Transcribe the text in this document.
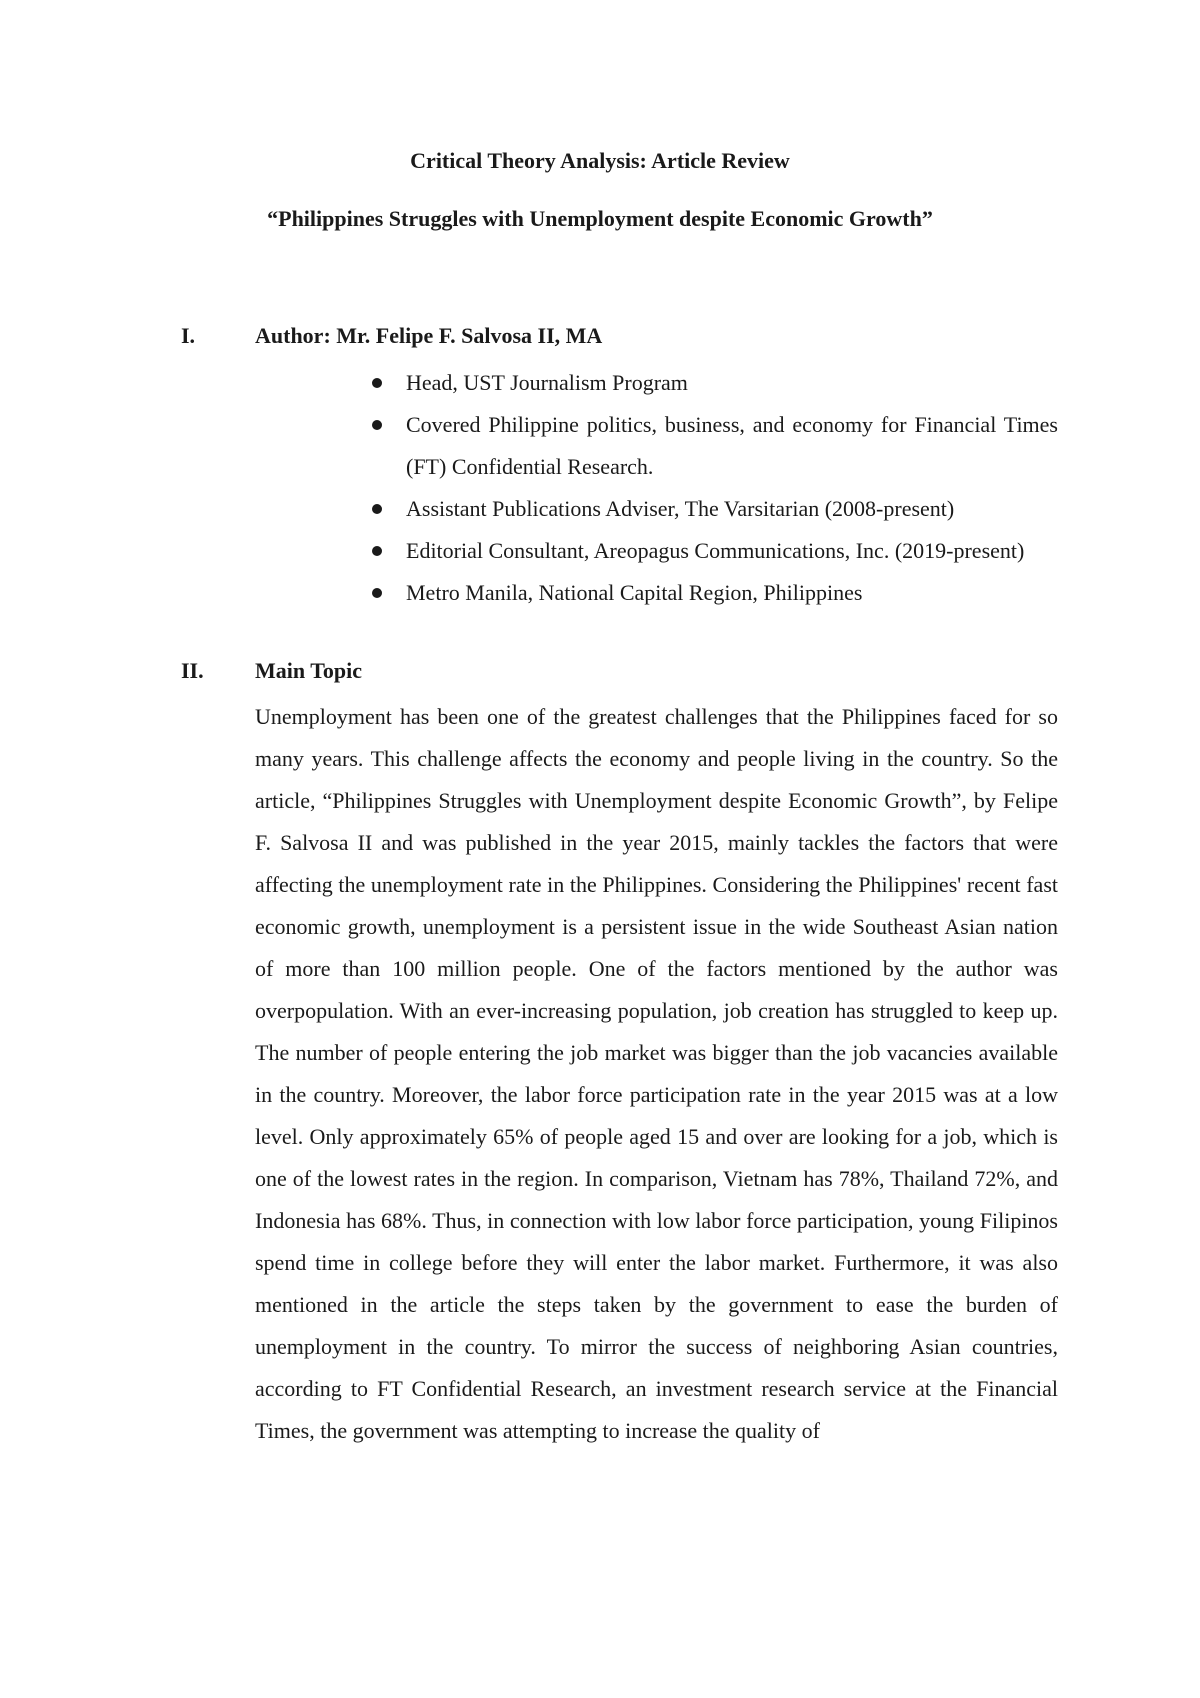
Critical Theory Analysis: Article Review
“Philippines Struggles with Unemployment despite Economic Growth”
I.	Author: Mr. Felipe F. Salvosa II, MA
Head, UST Journalism Program
Covered Philippine politics, business, and economy for Financial Times (FT) Confidential Research.
Assistant Publications Adviser, The Varsitarian (2008-present)
Editorial Consultant, Areopagus Communications, Inc. (2019-present)
Metro Manila, National Capital Region, Philippines
II. Main Topic

Unemployment has been one of the greatest challenges that the Philippines faced for so many years. This challenge affects the economy and people living in the country. So the article, “Philippines Struggles with Unemployment despite Economic Growth”, by Felipe F. Salvosa II and was published in the year 2015, mainly tackles the factors that were affecting the unemployment rate in the Philippines. Considering the Philippines' recent fast economic growth, unemployment is a persistent issue in the wide Southeast Asian nation of more than 100 million people. One of the factors mentioned by the author was overpopulation. With an ever-increasing population, job creation has struggled to keep up. The number of people entering the job market was bigger than the job vacancies available in the country. Moreover, the labor force participation rate in the year 2015 was at a low level. Only approximately 65% of people aged 15 and over are looking for a job, which is one of the lowest rates in the region. In comparison, Vietnam has 78%, Thailand 72%, and Indonesia has 68%. Thus, in connection with low labor force participation, young Filipinos spend time in college before they will enter the labor market. Furthermore, it was also mentioned in the article the steps taken by the government to ease the burden of unemployment in the country. To mirror the success of neighboring Asian countries, according to FT Confidential Research, an investment research service at the Financial Times, the government was attempting to increase the quality of
